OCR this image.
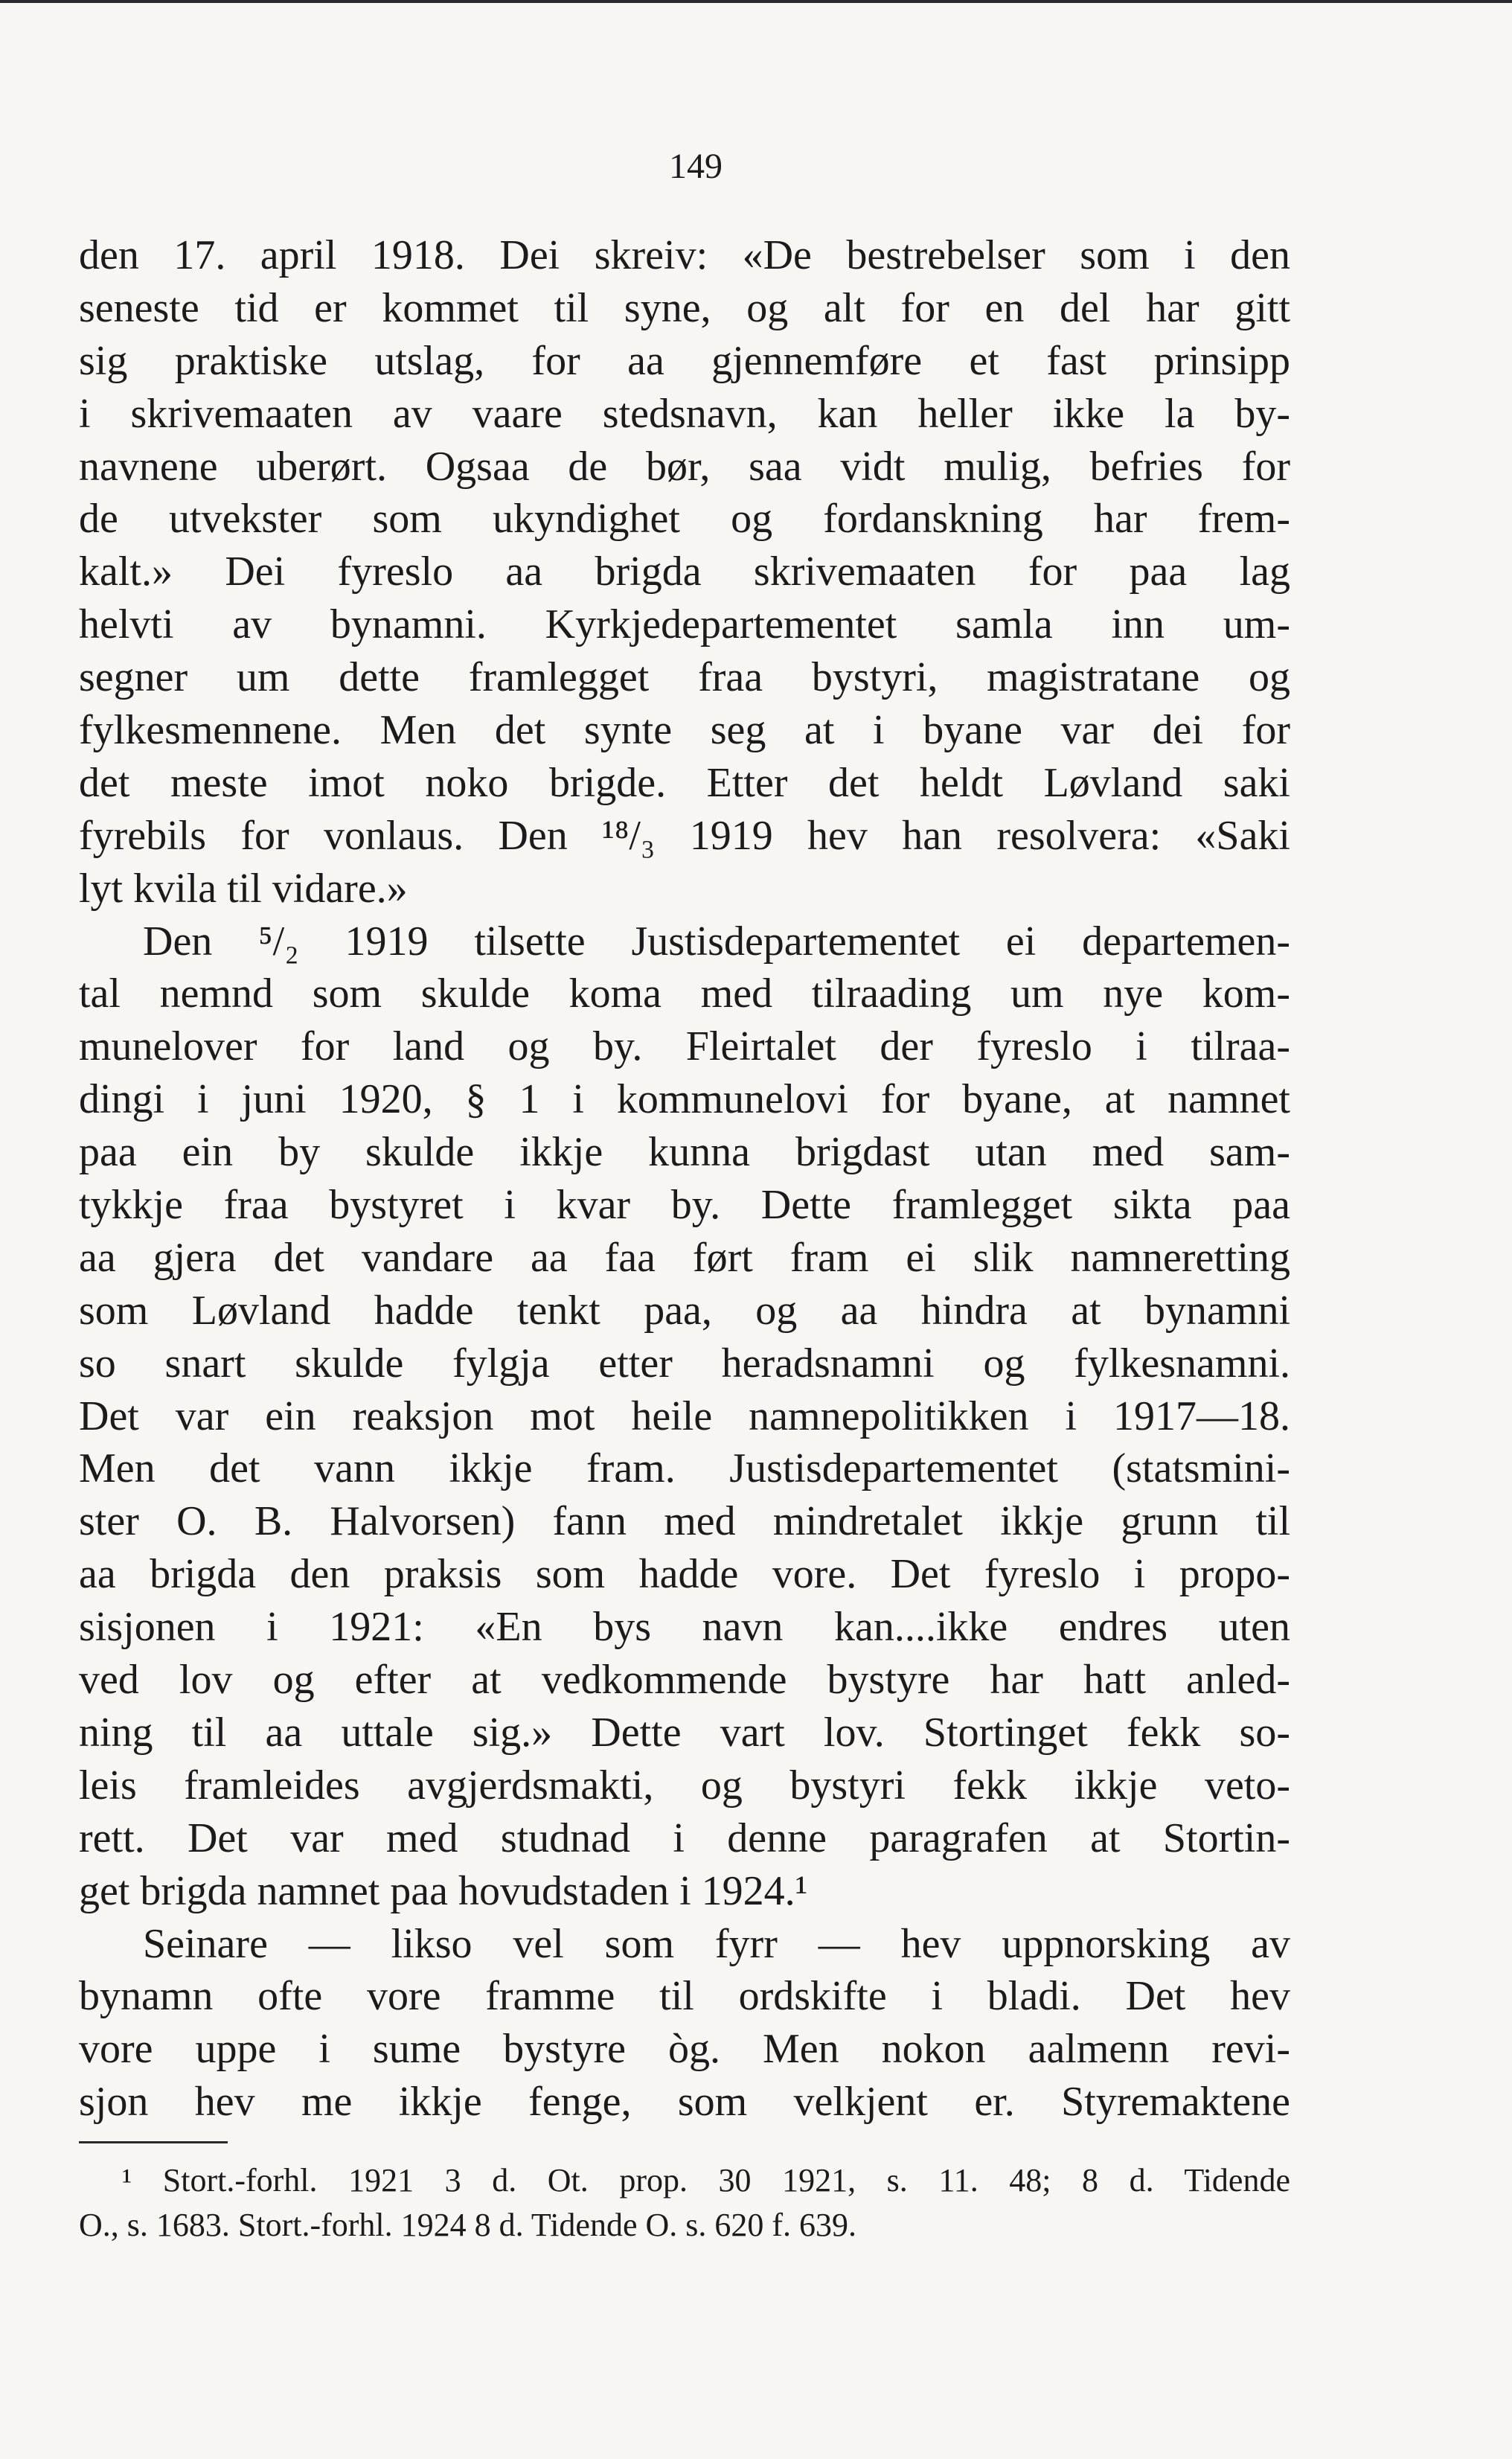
149
den 17. april 1918. Dei skreiv: «De bestrebelser som i den
seneste tid er kommet til syne, og alt for en del har gitt
sig praktiske utslag, for aa gjennemføre et fast prinsipp
i skrivemaaten av vaare stedsnavn, kan heller ikke la by-
navnene uberørt. Ogsaa de bør, saa vidt mulig, befries for
de utvekster som ukyndighet og fordanskning har frem-
kalt.» Dei fyreslo aa brigda skrivemaaten for paa lag
helvti av bynamni. Kyrkjedepartementet samla inn um-
segner um dette framlegget fraa bystyri, magistratane og
fylkesmennene. Men det synte seg at i byane var dei for
det meste imot noko brigde. Etter det heldt Løvland saki
fyrebils for vonlaus. Den ¹⁸/₃ 1919 hev han resolvera: «Saki
lyt kvila til vidare.»
Den ⁵/₂ 1919 tilsette Justisdepartementet ei departemen-
tal nemnd som skulde koma med tilraading um nye kom-
munelover for land og by. Fleirtalet der fyreslo i tilraa-
dingi i juni 1920, § 1 i kommunelovi for byane, at namnet
paa ein by skulde ikkje kunna brigdast utan med sam-
tykkje fraa bystyret i kvar by. Dette framlegget sikta paa
aa gjera det vandare aa faa ført fram ei slik namneretting
som Løvland hadde tenkt paa, og aa hindra at bynamni
so snart skulde fylgja etter heradsnamni og fylkesnamni.
Det var ein reaksjon mot heile namnepolitikken i 1917—18.
Men det vann ikkje fram. Justisdepartementet (statsmini-
ster O. B. Halvorsen) fann med mindretalet ikkje grunn til
aa brigda den praksis som hadde vore. Det fyreslo i propo-
sisjonen i 1921: «En bys navn kan....ikke endres uten
ved lov og efter at vedkommende bystyre har hatt anled-
ning til aa uttale sig.» Dette vart lov. Stortinget fekk so-
leis framleides avgjerdsmakti, og bystyri fekk ikkje veto-
rett. Det var med studnad i denne paragrafen at Stortin-
get brigda namnet paa hovudstaden i 1924.¹
Seinare — likso vel som fyrr — hev uppnorsking av
bynamn ofte vore framme til ordskifte i bladi. Det hev
vore uppe i sume bystyre òg. Men nokon aalmenn revi-
sjon hev me ikkje fenge, som velkjent er. Styremaktene
¹ Stort.-forhl. 1921 3 d. Ot. prop. 30 1921, s. 11. 48; 8 d. Tidende
O., s. 1683. Stort.-forhl. 1924 8 d. Tidende O. s. 620 f. 639.
